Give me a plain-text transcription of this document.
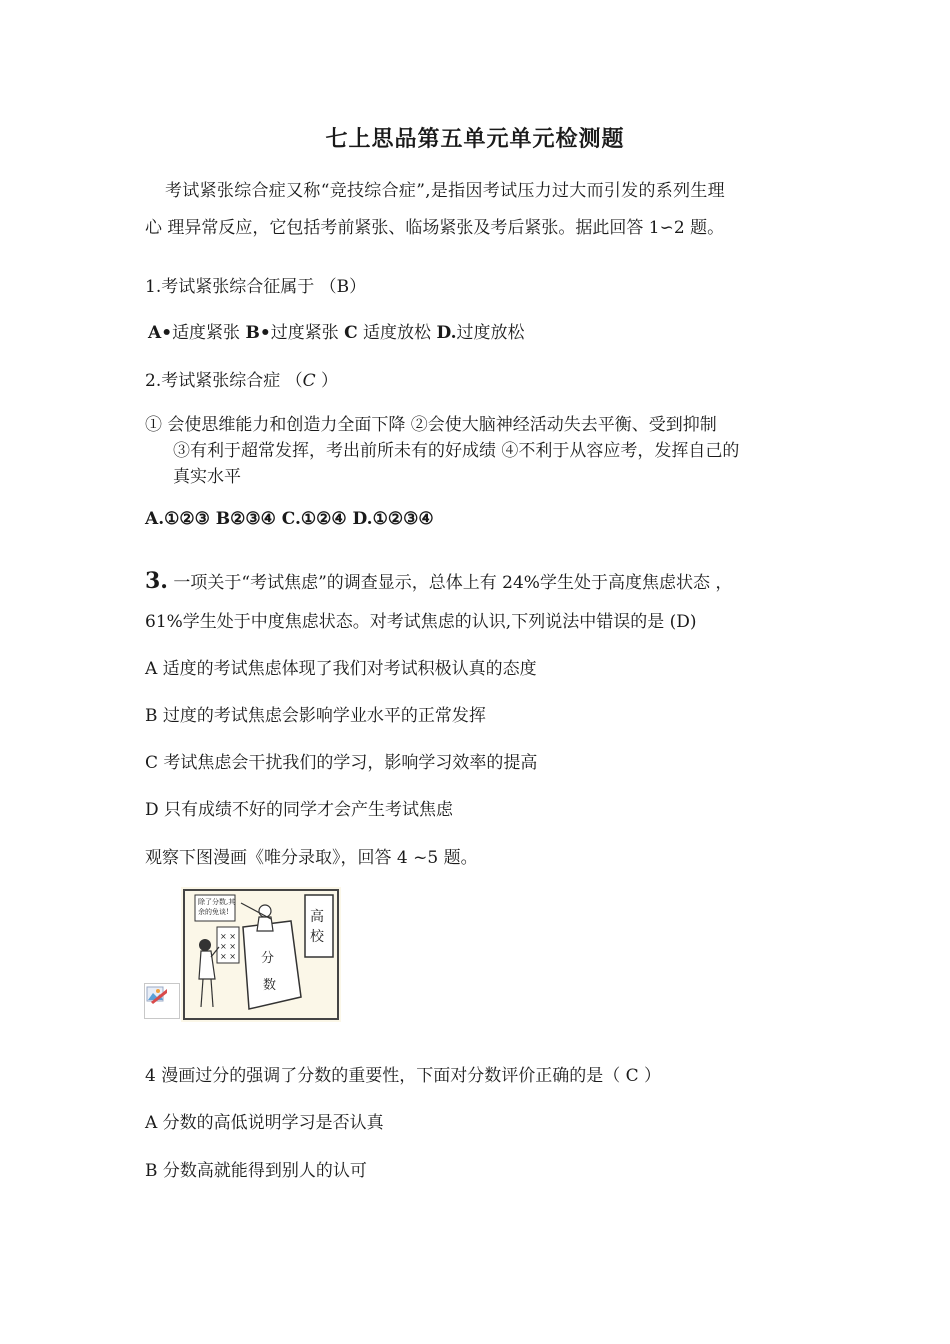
七上思品第五单元单元检测题
考试紧张综合症又称“竞技综合症”,是指因考试压力过大而引发的系列生理
心 理异常反应，它包括考前紧张、临场紧张及考后紧张。据此回答 1∽2 题。
1.考试紧张综合征属于 （B）
A•适度紧张 B•过度紧张 C 适度放松 D.过度放松
2.考试紧张综合症 （C ）
① 会使思维能力和创造力全面下降 ②会使大脑神经活动失去平衡、受到抑制
③有利于超常发挥，考出前所未有的好成绩 ④不利于从容应考，发挥自己的
真实水平
A.①②③ B②③④ C.①②④ D.①②③④
3. 一项关于“考试焦虑”的调查显示，总体上有 24%学生处于高度焦虑状态 ，
61%学生处于中度焦虑状态。对考试焦虑的认识,下列说法中错误的是 (D)
A 适度的考试焦虑体现了我们对考试积极认真的态度
B 过度的考试焦虑会影响学业水平的正常发挥
C 考试焦虑会干扰我们的学习，影响学习效率的提高
D 只有成绩不好的同学才会产生考试焦虑
观察下图漫画《唯分录取》，回答 4 ~5 题。
除了分数,其
余的免谈!	高
校
分
数
× ×
× ×
× ×
4 漫画过分的强调了分数的重要性，下面对分数评价正确的是（ C ）
A 分数的高低说明学习是否认真
B 分数高就能得到别人的认可
